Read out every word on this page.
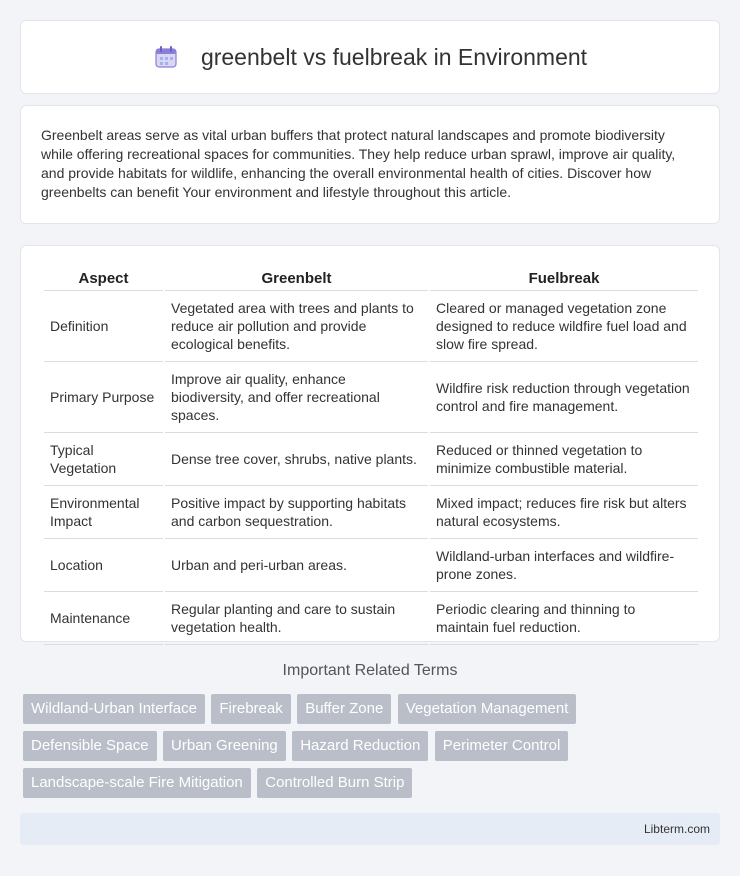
greenbelt vs fuelbreak in Environment

Greenbelt areas serve as vital urban buffers that protect natural landscapes and promote biodiversity while offering recreational spaces for communities. They help reduce urban sprawl, improve air quality, and provide habitats for wildlife, enhancing the overall environmental health of cities. Discover how greenbelts can benefit Your environment and lifestyle throughout this article.

Aspect	Greenbelt	Fuelbreak
Definition	Vegetated area with trees and plants to reduce air pollution and provide ecological benefits.	Cleared or managed vegetation zone designed to reduce wildfire fuel load and slow fire spread.
Primary Purpose	Improve air quality, enhance biodiversity, and offer recreational spaces.	Wildfire risk reduction through vegetation control and fire management.
Typical Vegetation	Dense tree cover, shrubs, native plants.	Reduced or thinned vegetation to minimize combustible material.
Environmental Impact	Positive impact by supporting habitats and carbon sequestration.	Mixed impact; reduces fire risk but alters natural ecosystems.
Location	Urban and peri-urban areas.	Wildland-urban interfaces and wildfire-prone zones.
Maintenance	Regular planting and care to sustain vegetation health.	Periodic clearing and thinning to maintain fuel reduction.
Important Related Terms
Wildland-Urban Interface Firebreak Buffer Zone Vegetation Management
Defensible Space Urban Greening Hazard Reduction Perimeter Control
Landscape-scale Fire Mitigation Controlled Burn Strip
Libterm.com
